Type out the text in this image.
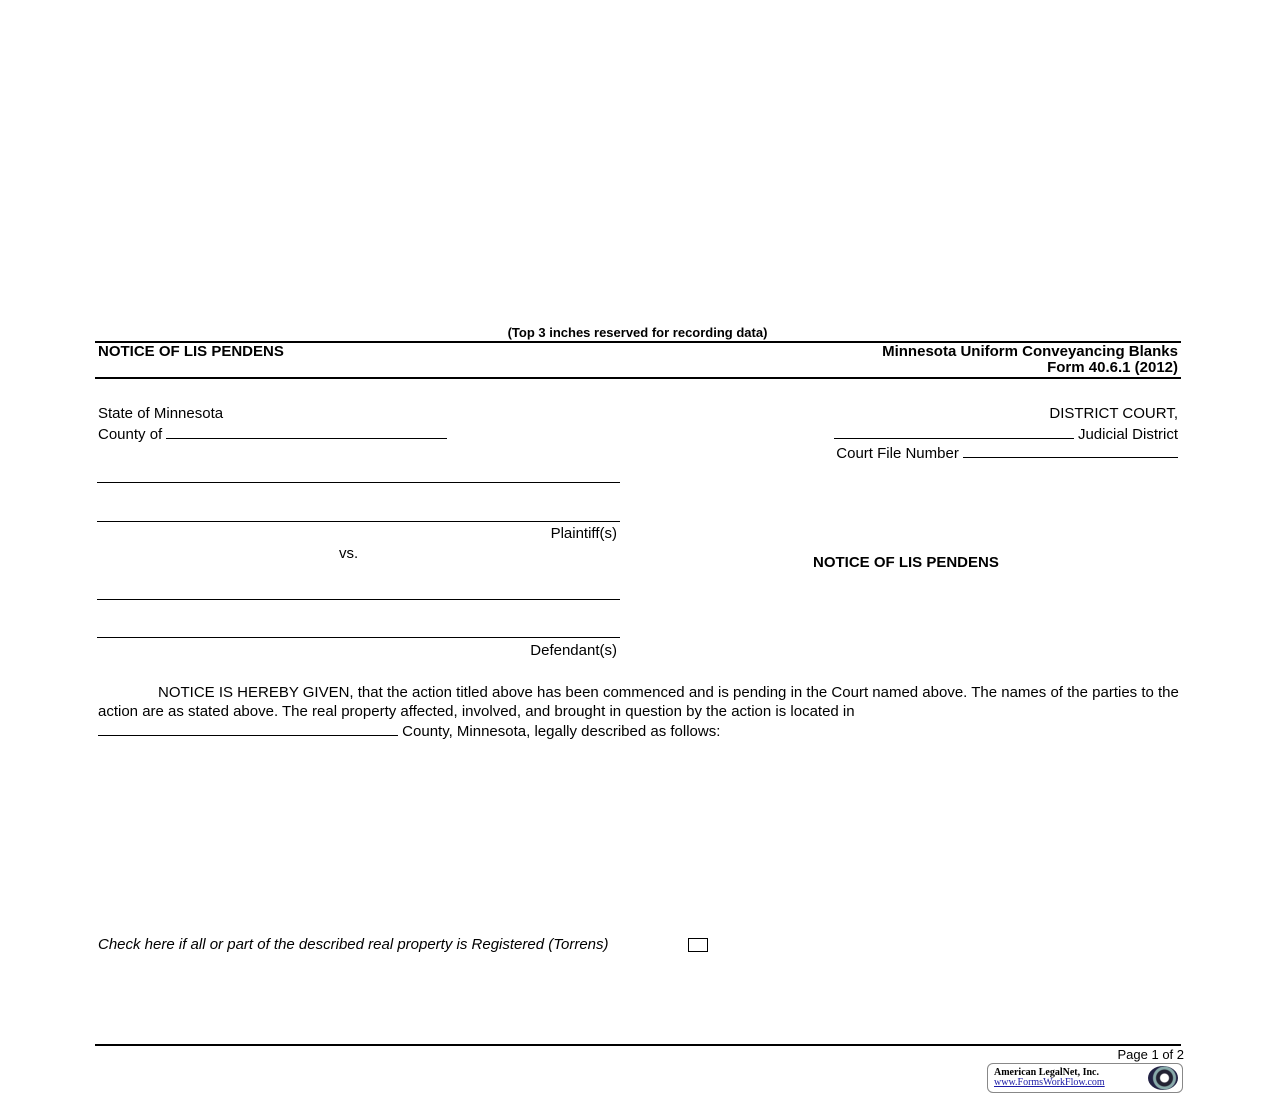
(Top 3 inches reserved for recording data)
NOTICE OF LIS PENDENS	Minnesota Uniform Conveyancing Blanks
Form 40.6.1 (2012)
State of Minnesota
County of
DISTRICT COURT,
Judicial District
Court File Number
Plaintiff(s)
vs.
Defendant(s)
NOTICE OF LIS PENDENS
NOTICE IS HEREBY GIVEN, that the action titled above has been commenced and is pending in the Court named above. The names of the parties to the action are as stated above. The real property affected, involved, and brought in question by the action is located in
County, Minnesota, legally described as follows:
Check here if all or part of the described real property is Registered (Torrens)
Page 1 of 2
American LegalNet, Inc.
www.FormsWorkFlow.com
